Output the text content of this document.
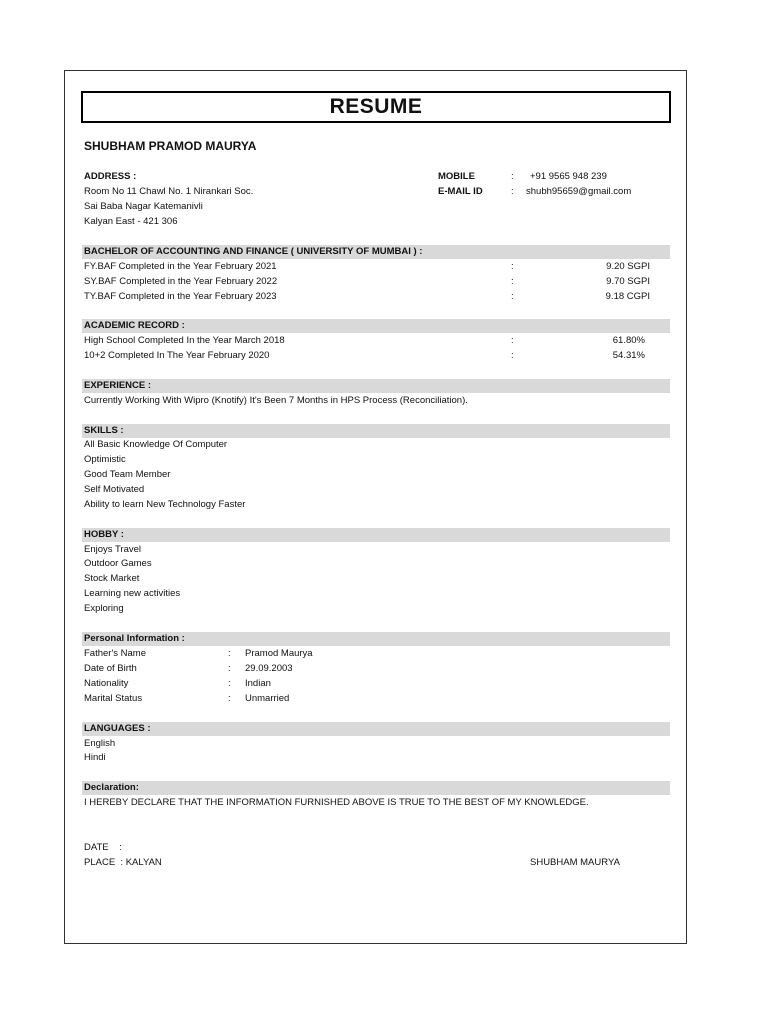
RESUME
SHUBHAM PRAMOD MAURYA
ADDRESS :
Room No 11 Chawl No. 1 Nirankari Soc.
Sai Baba Nagar Katemanivli
Kalyan East - 421 306
MOBILE	: +91 9565 948 239
E-MAIL ID	: shubh95659@gmail.com
BACHELOR OF ACCOUNTING AND FINANCE ( UNIVERSITY OF MUMBAI ) :
FY.BAF Completed in the Year February 2021	:	9.20 SGPI
SY.BAF Completed in the Year February 2022	:	9.70 SGPI
TY.BAF Completed in the Year February 2023	:	9.18 CGPI
ACADEMIC RECORD :
High School Completed In the Year March 2018	:	61.80%
10+2 Completed In The Year February 2020	:	54.31%
EXPERIENCE :
Currently Working With Wipro (Knotify) It's Been 7 Months in HPS Process (Reconciliation).
SKILLS :
All Basic Knowledge Of Computer
Optimistic
Good Team Member
Self Motivated
Ability to learn New Technology Faster
HOBBY :
Enjoys Travel
Outdoor Games
Stock Market
Learning new activities
Exploring
Personal Information :
Father's Name	: Pramod Maurya
Date of Birth	: 29.09.2003
Nationality	: Indian
Marital Status	: Unmarried
LANGUAGES :
English
Hindi
Declaration:
I HEREBY DECLARE THAT THE INFORMATION FURNISHED ABOVE IS TRUE TO THE BEST OF MY KNOWLEDGE.
DATE    :
PLACE  : KALYAN	SHUBHAM MAURYA
